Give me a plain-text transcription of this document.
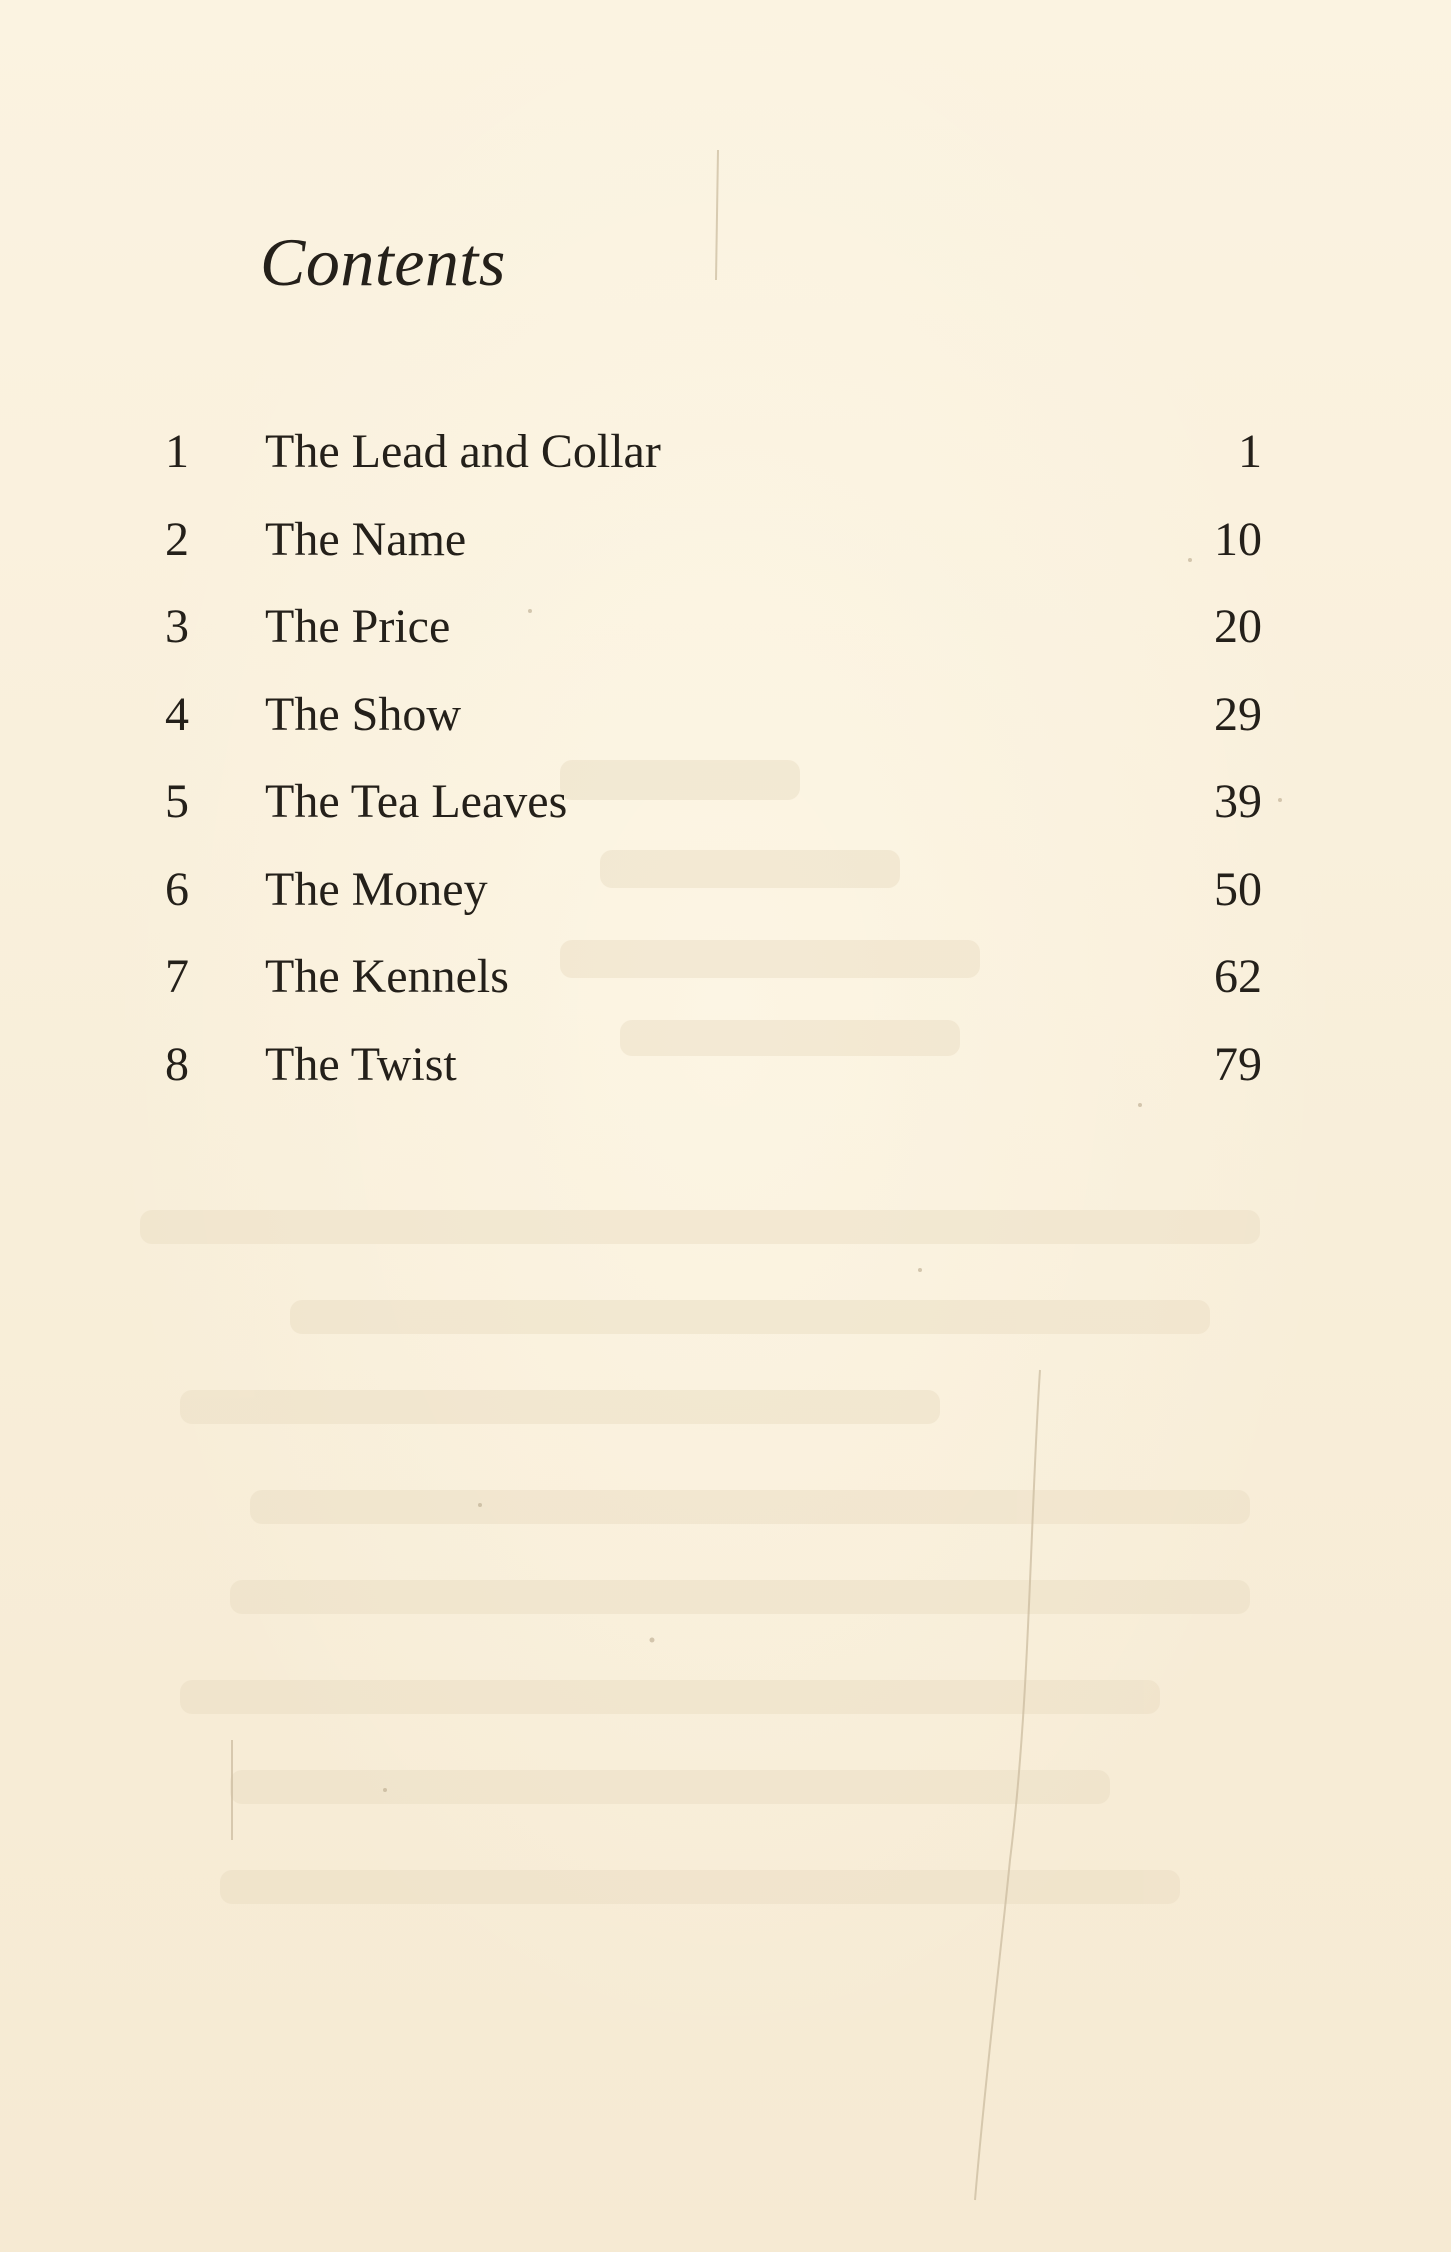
Contents
1	The Lead and Collar	1
2	The Name	10
3	The Price	20
4	The Show	29
5	The Tea Leaves	39
6	The Money	50
7	The Kennels	62
8	The Twist	79
